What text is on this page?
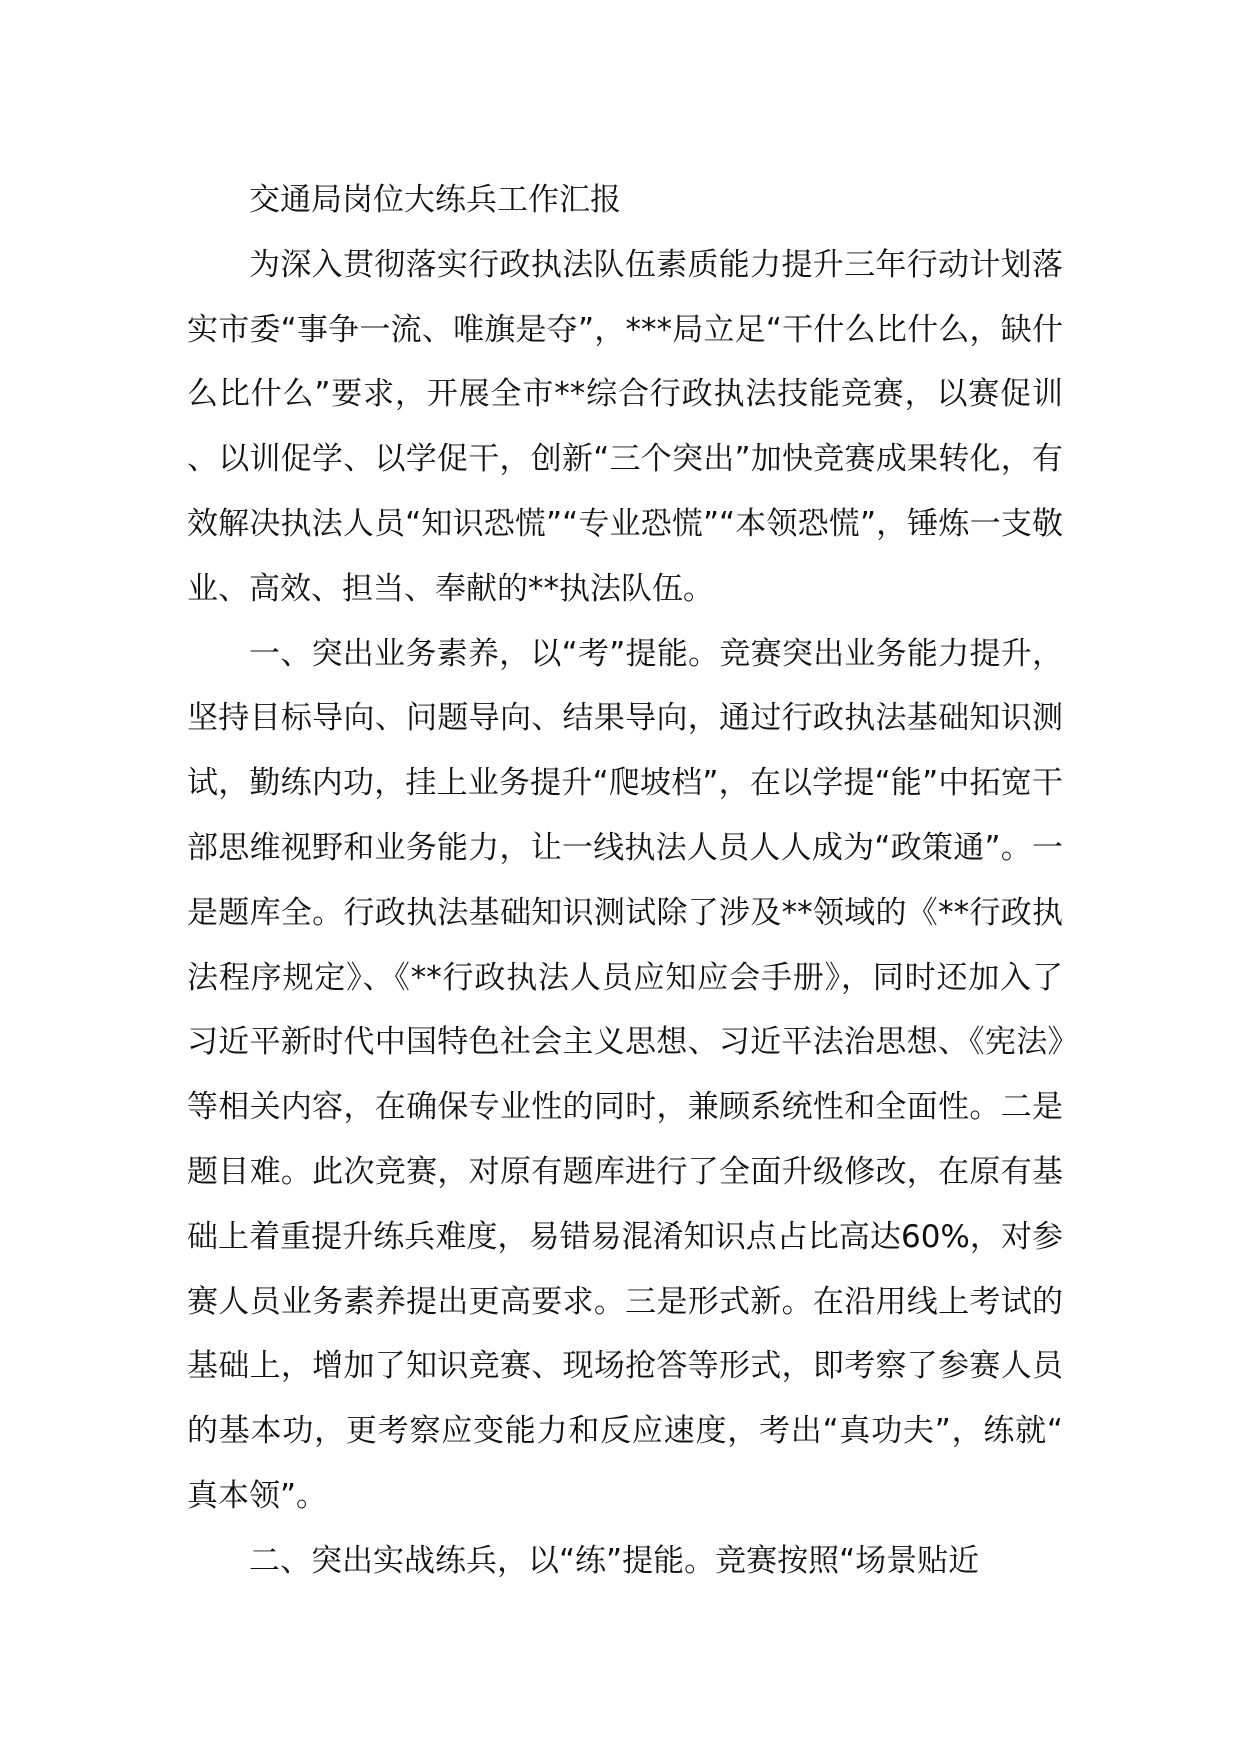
交通局岗位大练兵工作汇报

为深入贯彻落实行政执法队伍素质能力提升三年行动计划落实市委“事争一流、唯旗是夺”，***局立足“干什么比什么，缺什么比什么”要求，开展全市**综合行政执法技能竞赛，以赛促训、以训促学、以学促干，创新“三个突出”加快竞赛成果转化，有效解决执法人员“知识恐慌”“专业恐慌”“本领恐慌”，锤炼一支敬业、高效、担当、奉献的**执法队伍。

一、突出业务素养，以“考”提能。竞赛突出业务能力提升，坚持目标导向、问题导向、结果导向，通过行政执法基础知识测试，勤练内功，挂上业务提升“爬坡档”，在以学提“能”中拓宽干部思维视野和业务能力，让一线执法人员人人成为“政策通”。一是题库全。行政执法基础知识测试除了涉及**领域的《**行政执法程序规定》、《**行政执法人员应知应会手册》，同时还加入了习近平新时代中国特色社会主义思想、习近平法治思想、《宪法》等相关内容，在确保专业性的同时，兼顾系统性和全面性。二是题目难。此次竞赛，对原有题库进行了全面升级修改，在原有基础上着重提升练兵难度，易错易混淆知识点占比高达60%，对参赛人员业务素养提出更高要求。三是形式新。在沿用线上考试的基础上，增加了知识竞赛、现场抢答等形式，即考察了参赛人员的基本功，更考察应变能力和反应速度，考出“真功夫”，练就“真本领”。

二、突出实战练兵，以“练”提能。竞赛按照“场景贴近
